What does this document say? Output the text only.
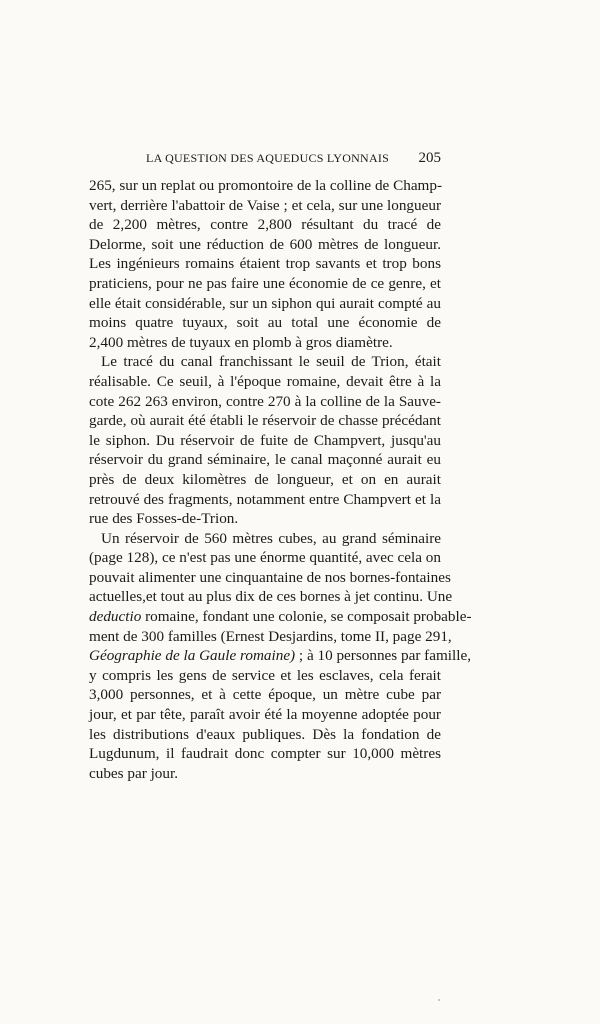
LA QUESTION DES AQUEDUCS LYONNAIS 205
265, sur un replat ou promontoire de la colline de Champ-
vert, derrière l'abattoir de Vaise ; et cela, sur une longueur
de 2,200 mètres, contre 2,800 résultant du tracé de
Delorme, soit une réduction de 600 mètres de longueur.
Les ingénieurs romains étaient trop savants et trop bons
praticiens, pour ne pas faire une économie de ce genre, et
elle était considérable, sur un siphon qui aurait compté au
moins quatre tuyaux, soit au total une économie de
2,400 mètres de tuyaux en plomb à gros diamètre.
Le tracé du canal franchissant le seuil de Trion, était
réalisable. Ce seuil, à l'époque romaine, devait être à la
cote 262 263 environ, contre 270 à la colline de la Sauve-
garde, où aurait été établi le réservoir de chasse précédant
le siphon. Du réservoir de fuite de Champvert, jusqu'au
réservoir du grand séminaire, le canal maçonné aurait eu
près de deux kilomètres de longueur, et on en aurait
retrouvé des fragments, notamment entre Champvert et la
rue des Fosses-de-Trion.
Un réservoir de 560 mètres cubes, au grand séminaire
(page 128), ce n'est pas une énorme quantité, avec cela on
pouvait alimenter une cinquantaine de nos bornes-fontaines
actuelles,et tout au plus dix de ces bornes à jet continu. Une
deductio romaine, fondant une colonie, se composait probable-
ment de 300 familles (Ernest Desjardins, tome II, page 291,
Géographie de la Gaule romaine) ; à 10 personnes par famille,
y compris les gens de service et les esclaves, cela ferait
3,000 personnes, et à cette époque, un mètre cube par
jour, et par tête, paraît avoir été la moyenne adoptée pour
les distributions d'eaux publiques. Dès la fondation de
Lugdunum, il faudrait donc compter sur 10,000 mètres
cubes par jour.
